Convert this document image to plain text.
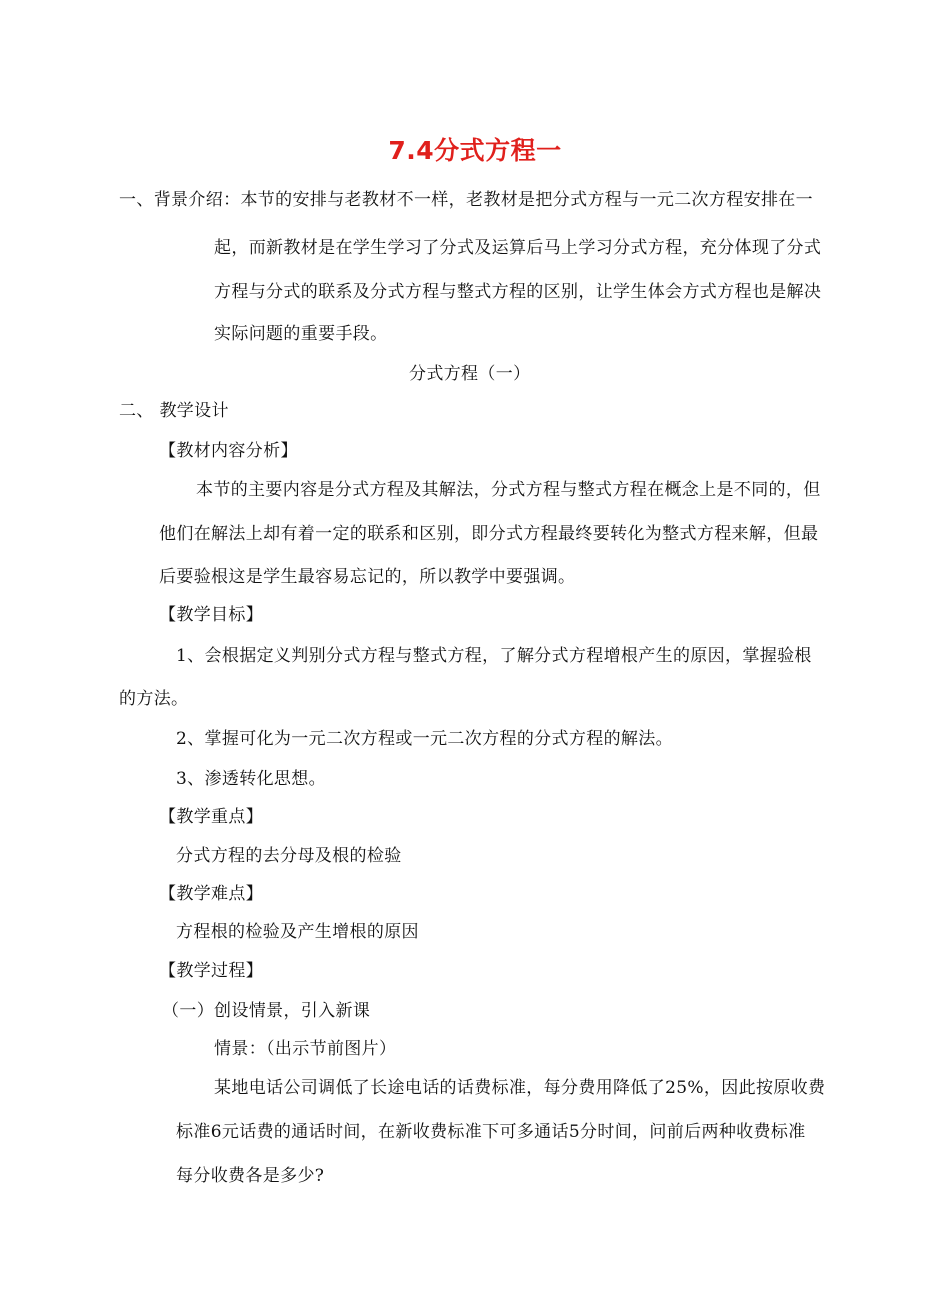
7.4分式方程一
一、背景介绍：本节的安排与老教材不一样，老教材是把分式方程与一元二次方程安排在一
起，而新教材是在学生学习了分式及运算后马上学习分式方程，充分体现了分式
方程与分式的联系及分式方程与整式方程的区别，让学生体会方式方程也是解决
实际问题的重要手段。
分式方程（一）
二、 教学设计
【教材内容分析】
本节的主要内容是分式方程及其解法，分式方程与整式方程在概念上是不同的，但
他们在解法上却有着一定的联系和区别，即分式方程最终要转化为整式方程来解，但最
后要验根这是学生最容易忘记的，所以教学中要强调。
【教学目标】
1、会根据定义判别分式方程与整式方程，了解分式方程增根产生的原因，掌握验根
的方法。
2、掌握可化为一元二次方程或一元二次方程的分式方程的解法。
3、渗透转化思想。
【教学重点】
分式方程的去分母及根的检验
【教学难点】
方程根的检验及产生增根的原因
【教学过程】
（一）创设情景，引入新课
情景：（出示节前图片）
某地电话公司调低了长途电话的话费标准，每分费用降低了25%，因此按原收费
标准6元话费的通话时间，在新收费标准下可多通话5分时间，问前后两种收费标准
每分收费各是多少?
